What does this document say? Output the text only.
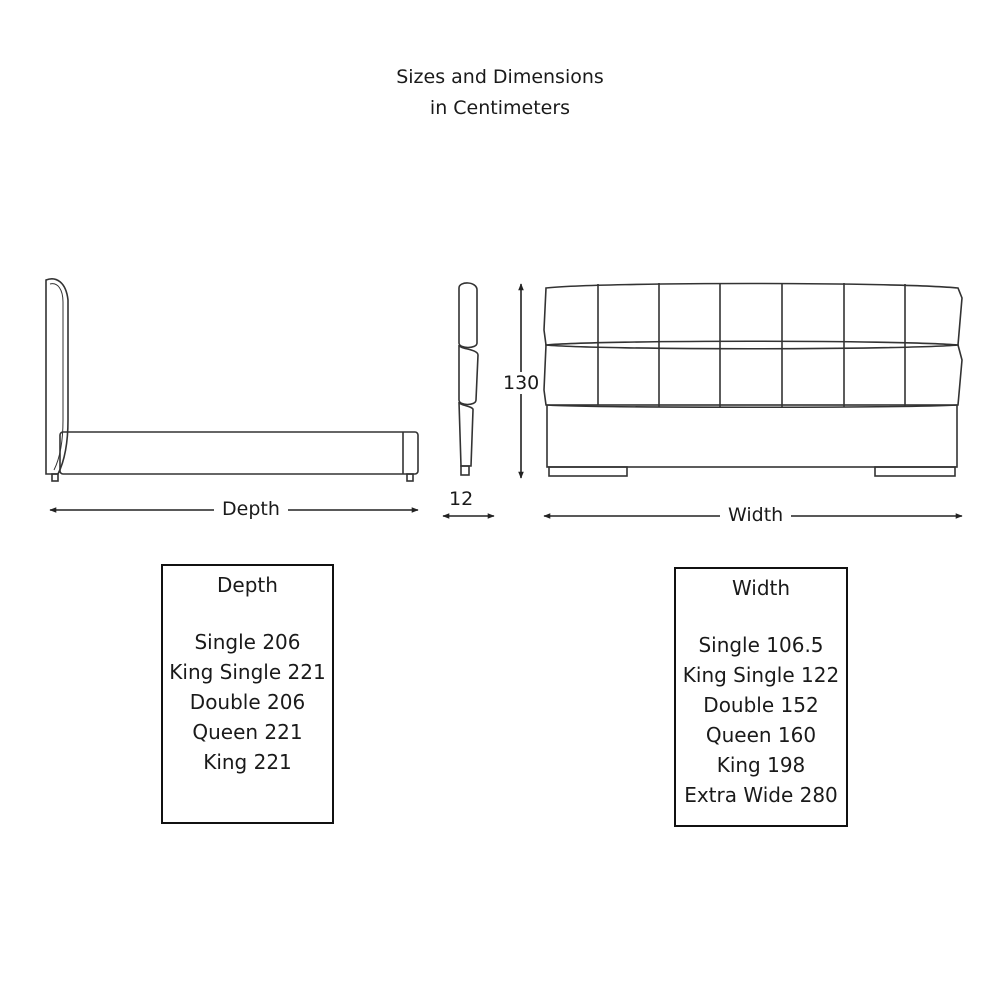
Sizes and Dimensions
in Centimeters
Depth	12
130
Width
Depth
Single 206
King Single 221
Double 206
Queen 221
King 221
Width
Single 106.5
King Single 122
Double 152
Queen 160
King 198
Extra Wide 280
